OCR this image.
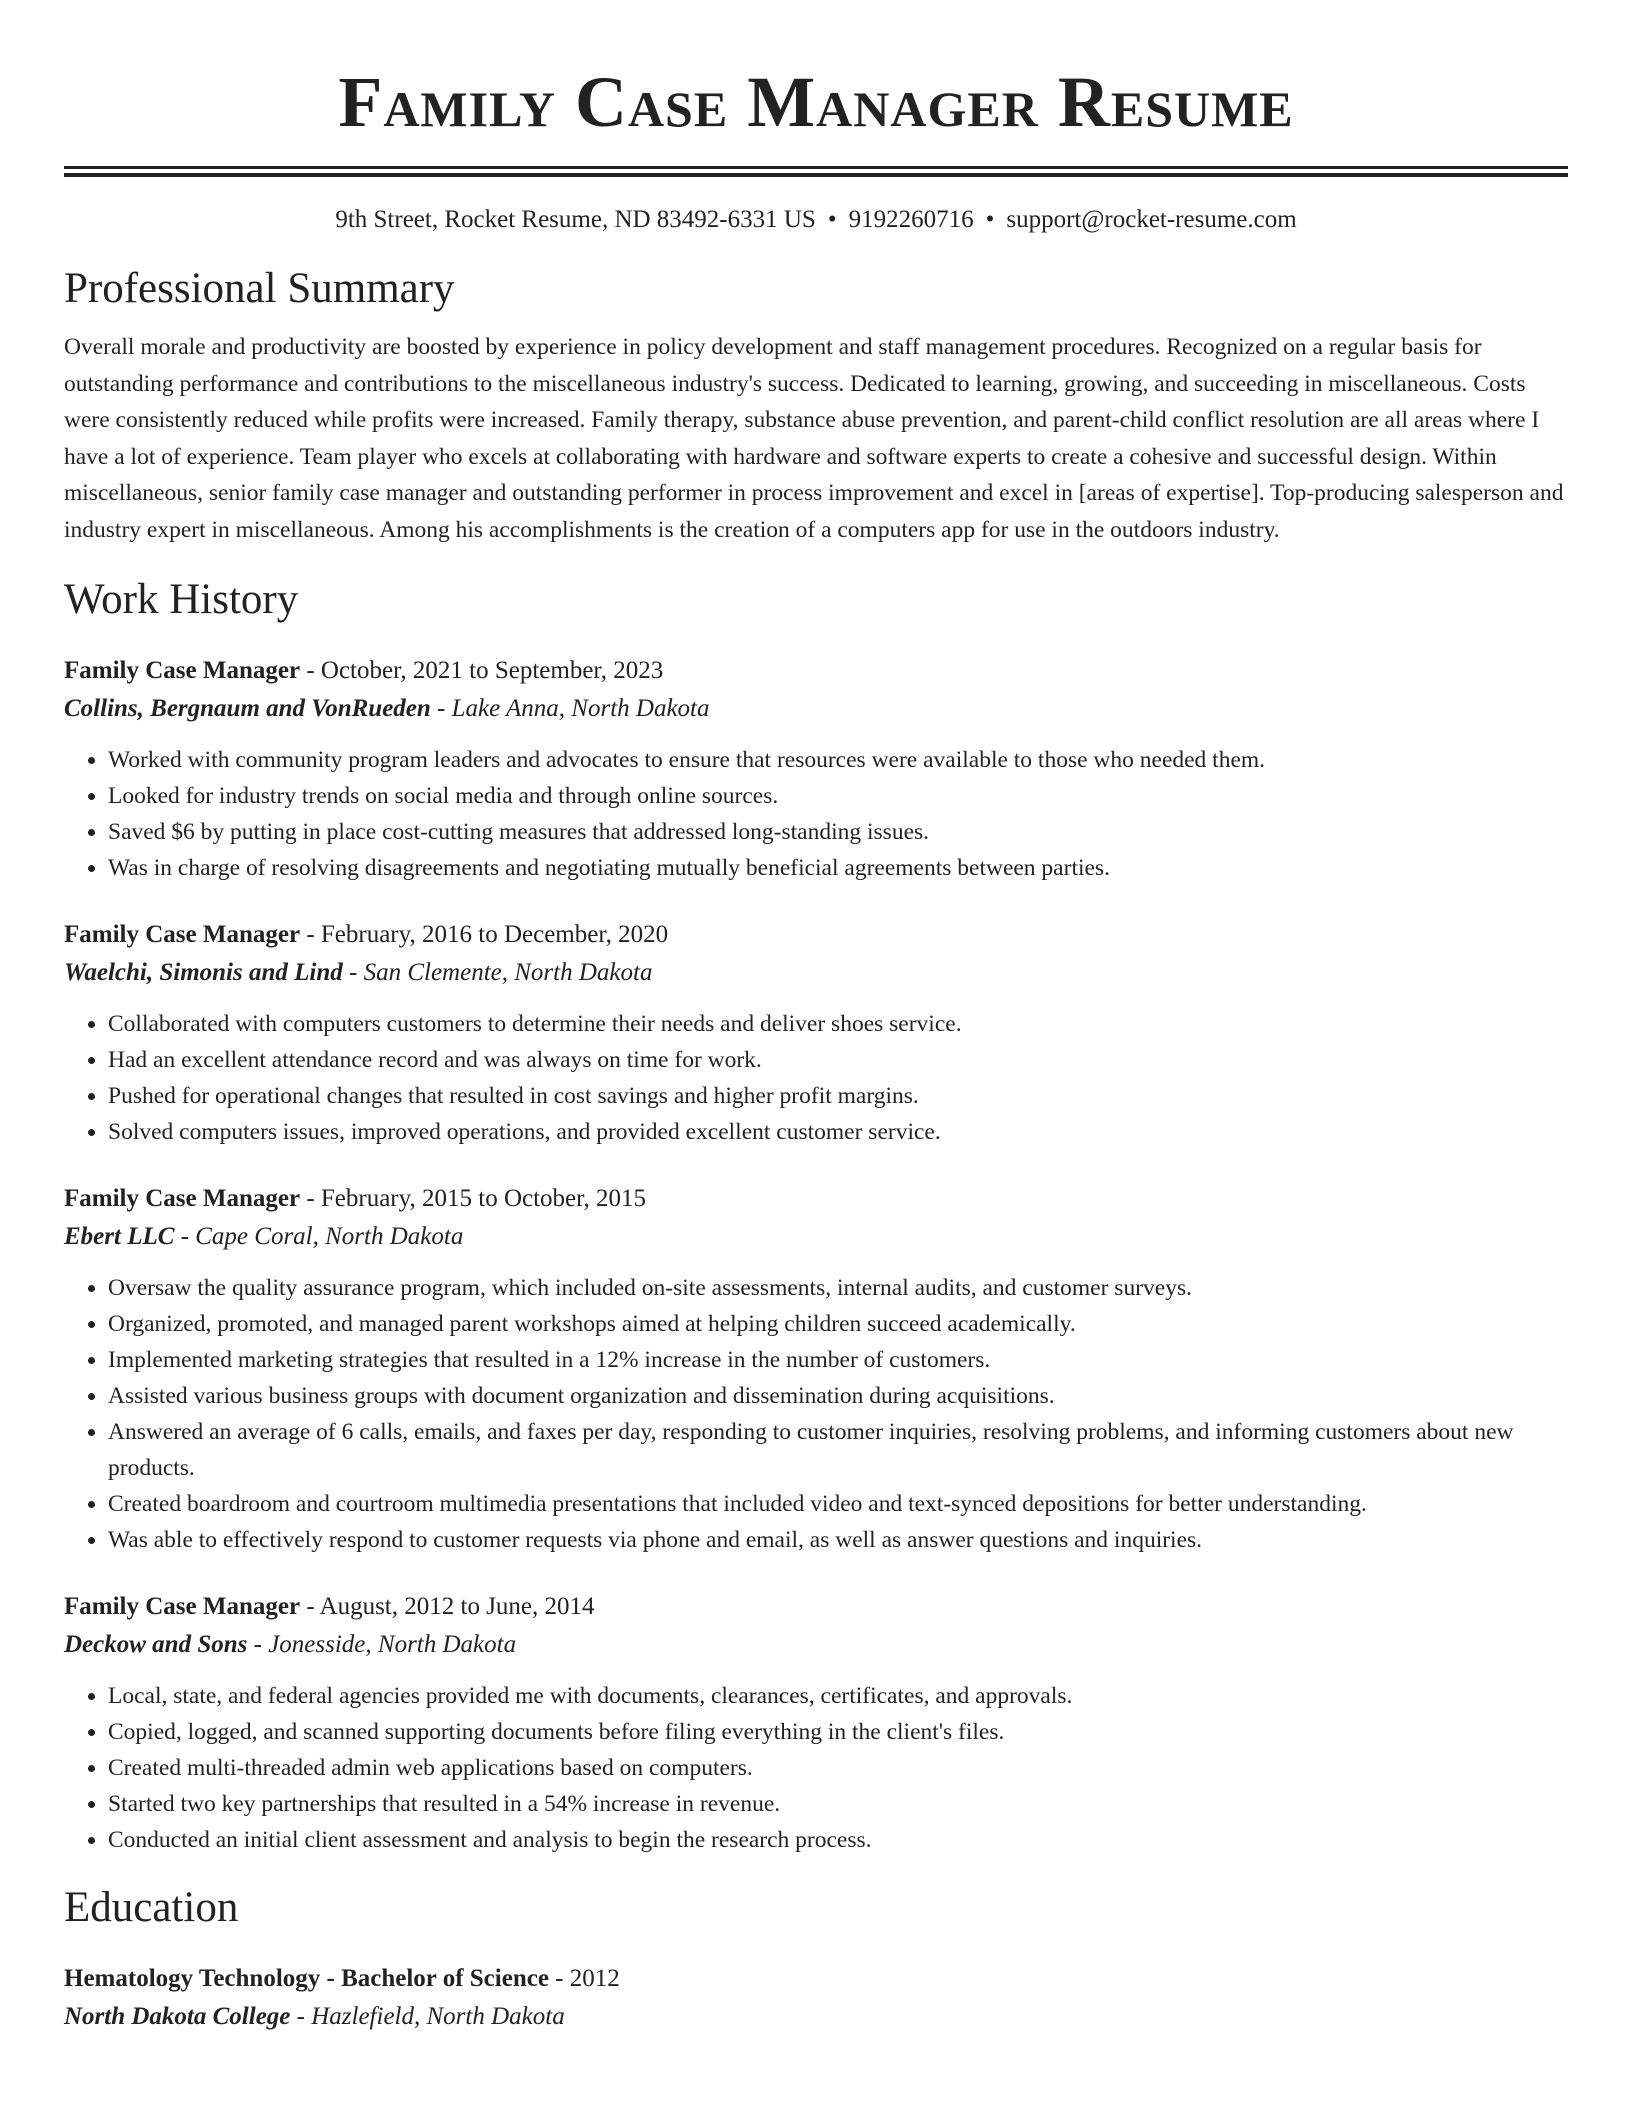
Family Case Manager Resume
9th Street, Rocket Resume, ND 83492-6331 US • 9192260716 • support@rocket-resume.com
Professional Summary

Overall morale and productivity are boosted by experience in policy development and staff management procedures. Recognized on a regular basis for outstanding performance and contributions to the miscellaneous industry's success. Dedicated to learning, growing, and succeeding in miscellaneous. Costs were consistently reduced while profits were increased. Family therapy, substance abuse prevention, and parent-child conflict resolution are all areas where I have a lot of experience. Team player who excels at collaborating with hardware and software experts to create a cohesive and successful design. Within miscellaneous, senior family case manager and outstanding performer in process improvement and excel in [areas of expertise]. Top-producing salesperson and industry expert in miscellaneous. Among his accomplishments is the creation of a computers app for use in the outdoors industry.

Work History
Family Case Manager - October, 2021 to September, 2023
Collins, Bergnaum and VonRueden - Lake Anna, North Dakota
• Worked with community program leaders and advocates to ensure that resources were available to those who needed them.
• Looked for industry trends on social media and through online sources.
• Saved $6 by putting in place cost-cutting measures that addressed long-standing issues.
• Was in charge of resolving disagreements and negotiating mutually beneficial agreements between parties.
Family Case Manager - February, 2016 to December, 2020
Waelchi, Simonis and Lind - San Clemente, North Dakota
• Collaborated with computers customers to determine their needs and deliver shoes service.
• Had an excellent attendance record and was always on time for work.
• Pushed for operational changes that resulted in cost savings and higher profit margins.
• Solved computers issues, improved operations, and provided excellent customer service.
Family Case Manager - February, 2015 to October, 2015
Ebert LLC - Cape Coral, North Dakota
• Oversaw the quality assurance program, which included on-site assessments, internal audits, and customer surveys.
• Organized, promoted, and managed parent workshops aimed at helping children succeed academically.
• Implemented marketing strategies that resulted in a 12% increase in the number of customers.
• Assisted various business groups with document organization and dissemination during acquisitions.
• Answered an average of 6 calls, emails, and faxes per day, responding to customer inquiries, resolving problems, and informing customers about new products.
• Created boardroom and courtroom multimedia presentations that included video and text-synced depositions for better understanding.
• Was able to effectively respond to customer requests via phone and email, as well as answer questions and inquiries.
Family Case Manager - August, 2012 to June, 2014
Deckow and Sons - Jonesside, North Dakota
• Local, state, and federal agencies provided me with documents, clearances, certificates, and approvals.
• Copied, logged, and scanned supporting documents before filing everything in the client's files.
• Created multi-threaded admin web applications based on computers.
• Started two key partnerships that resulted in a 54% increase in revenue.
• Conducted an initial client assessment and analysis to begin the research process.
Education
Hematology Technology - Bachelor of Science - 2012
North Dakota College - Hazlefield, North Dakota
